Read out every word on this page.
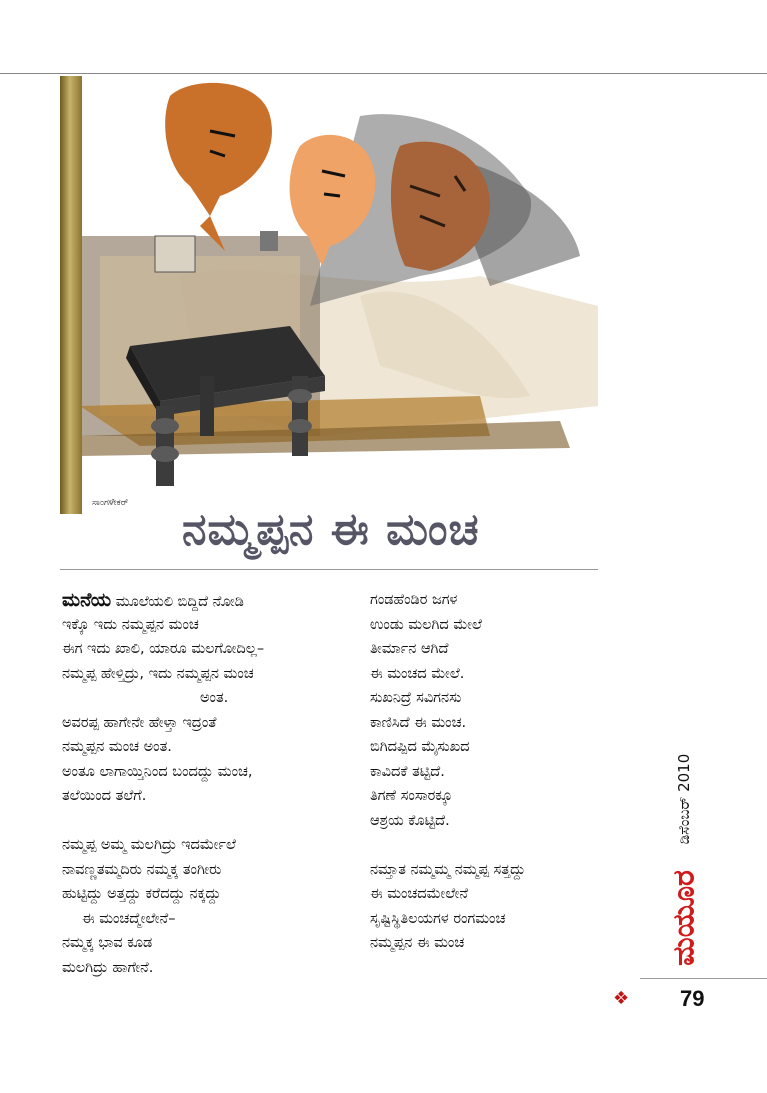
ಸಾಂಗಳೇಕರ್
ನಮ್ಮಪ್ಪನ ಈ ಮಂಚ
ಮನೆಯ ಮೂಲೆಯಲಿ ಬಿದ್ದಿದೆ ನೋಡಿ
ಇಕ್ಕೊ ಇದು ನಮ್ಮಪ್ಪನ ಮಂಚ
ಈಗ ಇದು ಖಾಲಿ, ಯಾರೂ ಮಲಗೋದಿಲ್ಲ–
ನಮ್ಮಪ್ಪ ಹೇಳ್ತಿದ್ರು, ಇದು ನಮ್ಮಪ್ಪನ ಮಂಚ
ಅಂತ.
ಅವರಪ್ಪ ಹಾಗೇನೇ ಹೇಳ್ತಾ ಇದ್ರಂತೆ
ನಮ್ಮಪ್ಪನ ಮಂಚ ಅಂತ.
ಅಂತೂ ಲಾಗಾಯ್ತಿನಿಂದ ಬಂದದ್ದು ಮಂಚ,
ತಲೆಯಿಂದ ತಲೆಗೆ.
ನಮ್ಮಪ್ಪ ಅಮ್ಮ ಮಲಗಿದ್ರು ಇದರ್ಮೇಲೆ
ನಾವಣ್ಣತಮ್ಮದಿರು ನಮ್ಮಕ್ಕ ತಂಗೀರು
ಹುಟ್ಟಿದ್ದು ಅತ್ತದ್ದು ಕರೆದದ್ದು ನಕ್ಕದ್ದು
ಈ ಮಂಚದ್ಮೇಲೇನೆ–
ನಮ್ಮಕ್ಕ ಭಾವ ಕೂಡ
ಮಲಗಿದ್ರು ಹಾಗೇನೆ.
ಗಂಡಹೆಂಡಿರ ಜಗಳ
ಉಂಡು ಮಲಗಿದ ಮೇಲೆ
ತೀರ್ಮಾನ ಆಗಿದೆ
ಈ ಮಂಚದ ಮೇಲೆ.
ಸುಖನಿದ್ರೆ ಸವಿಗನಸು
ಕಾಣಿಸಿದೆ ಈ ಮಂಚ.
ಬಿಗಿದಪ್ಪಿದ ಮೈಸುಖದ
ಕಾವಿದಕೆ ತಟ್ಟಿದೆ.
ತಿಗಣೆ ಸಂಸಾರಕ್ಕೂ
ಆಶ್ರಯ ಕೊಟ್ಟಿದೆ.
ನಮ್ತಾತ ನಮ್ಮಮ್ಮ ನಮ್ಮಪ್ಪ ಸತ್ತದ್ದು
ಈ ಮಂಚದಮೇಲೇನೆ
ಸೃಷ್ಟಿಸ್ಥಿತಿಲಯಗಳ ರಂಗಮಂಚ
ನಮ್ಮಪ್ಪನ ಈ ಮಂಚ
ಡಿಸೆಂಬರ್ 2010
ಮಯೂರ
❖ 79
